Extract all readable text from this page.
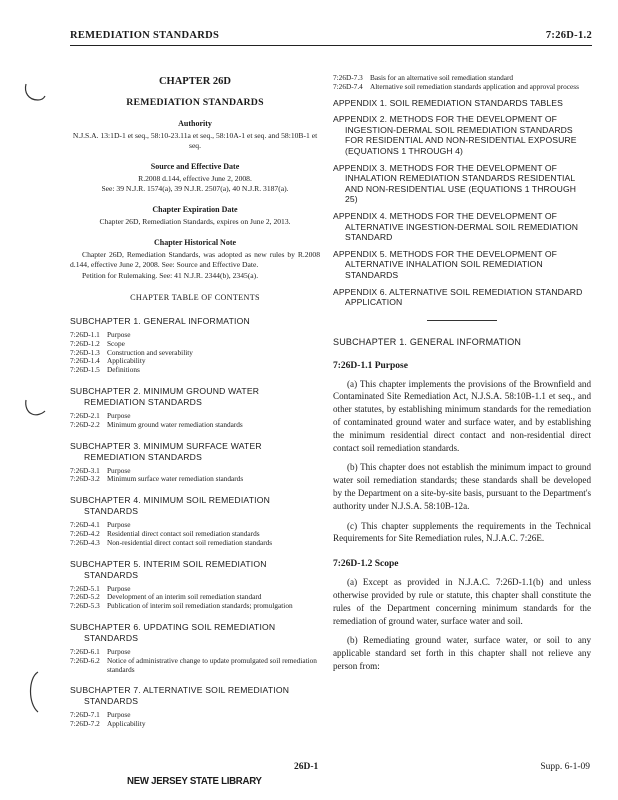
REMEDIATION STANDARDS	7:26D-1.2
CHAPTER 26D
REMEDIATION STANDARDS
Authority
N.J.S.A. 13:1D-1 et seq., 58:10-23.11a et seq., 58:10A-1 et seq. and 58:10B-1 et seq.
Source and Effective Date
R.2008 d.144, effective June 2, 2008.
See: 39 N.J.R. 1574(a), 39 N.J.R. 2507(a), 40 N.J.R. 3187(a).
Chapter Expiration Date
Chapter 26D, Remediation Standards, expires on June 2, 2013.
Chapter Historical Note
Chapter 26D, Remediation Standards, was adopted as new rules by R.2008 d.144, effective June 2, 2008. See: Source and Effective Date.
Petition for Rulemaking. See: 41 N.J.R. 2344(b), 2345(a).
CHAPTER TABLE OF CONTENTS
SUBCHAPTER 1. GENERAL INFORMATION
7:26D-1.1 Purpose
7:26D-1.2 Scope
7:26D-1.3 Construction and severability
7:26D-1.4 Applicability
7:26D-1.5 Definitions
SUBCHAPTER 2. MINIMUM GROUND WATER REMEDIATION STANDARDS
7:26D-2.1 Purpose
7:26D-2.2 Minimum ground water remediation standards
SUBCHAPTER 3. MINIMUM SURFACE WATER REMEDIATION STANDARDS
7:26D-3.1 Purpose
7:26D-3.2 Minimum surface water remediation standards
SUBCHAPTER 4. MINIMUM SOIL REMEDIATION STANDARDS
7:26D-4.1 Purpose
7:26D-4.2 Residential direct contact soil remediation standards
7:26D-4.3 Non-residential direct contact soil remediation standards
SUBCHAPTER 5. INTERIM SOIL REMEDIATION STANDARDS
7:26D-5.1 Purpose
7:26D-5.2 Development of an interim soil remediation standard
7:26D-5.3 Publication of interim soil remediation standards; promulgation
SUBCHAPTER 6. UPDATING SOIL REMEDIATION STANDARDS
7:26D-6.1 Purpose
7:26D-6.2 Notice of administrative change to update promulgated soil remediation standards
SUBCHAPTER 7. ALTERNATIVE SOIL REMEDIATION STANDARDS
7:26D-7.1 Purpose
7:26D-7.2 Applicability
7:26D-7.3 Basis for an alternative soil remediation standard
7:26D-7.4 Alternative soil remediation standards application and approval process
APPENDIX 1. SOIL REMEDIATION STANDARDS TABLES
APPENDIX 2. METHODS FOR THE DEVELOPMENT OF INGESTION-DERMAL SOIL REMEDIATION STANDARDS FOR RESIDENTIAL AND NON-RESIDENTIAL EXPOSURE (EQUATIONS 1 THROUGH 4)
APPENDIX 3. METHODS FOR THE DEVELOPMENT OF INHALATION REMEDIATION STANDARDS RESIDENTIAL AND NON-RESIDENTIAL USE (EQUATIONS 1 THROUGH 25)
APPENDIX 4. METHODS FOR THE DEVELOPMENT OF ALTERNATIVE INGESTION-DERMAL SOIL REMEDIATION STANDARD
APPENDIX 5. METHODS FOR THE DEVELOPMENT OF ALTERNATIVE INHALATION SOIL REMEDIATION STANDARDS
APPENDIX 6. ALTERNATIVE SOIL REMEDIATION STANDARD APPLICATION
SUBCHAPTER 1. GENERAL INFORMATION
7:26D-1.1 Purpose
(a) This chapter implements the provisions of the Brownfield and Contaminated Site Remediation Act, N.J.S.A. 58:10B-1.1 et seq., and other statutes, by establishing minimum standards for the remediation of contaminated ground water and surface water, and by establishing the minimum residential direct contact and non-residential direct contact soil remediation standards.
(b) This chapter does not establish the minimum impact to ground water soil remediation standards; these standards shall be developed by the Department on a site-by-site basis, pursuant to the Department's authority under N.J.S.A. 58:10B-12a.
(c) This chapter supplements the requirements in the Technical Requirements for Site Remediation rules, N.J.A.C. 7:26E.
7:26D-1.2 Scope
(a) Except as provided in N.J.A.C. 7:26D-1.1(b) and unless otherwise provided by rule or statute, this chapter shall constitute the rules of the Department concerning minimum standards for the remediation of ground water, surface water and soil.
(b) Remediating ground water, surface water, or soil to any applicable standard set forth in this chapter shall not relieve any person from:
NEW JERSEY STATE LIBRARY
26D-1	Supp. 6-1-09
